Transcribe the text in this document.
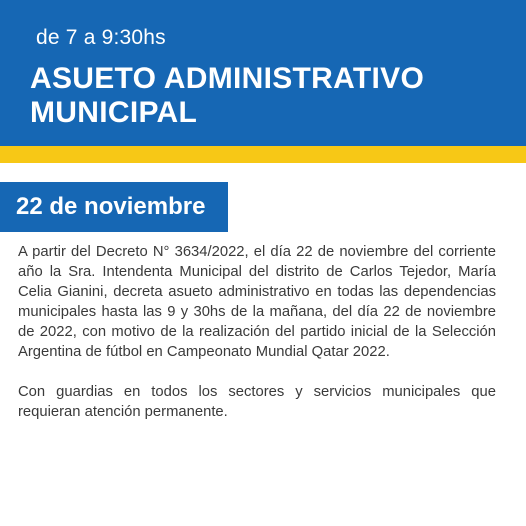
de 7 a 9:30hs
ASUETO ADMINISTRATIVO
MUNICIPAL
22 de noviembre

A partir del Decreto N° 3634/2022, el día 22 de noviembre del corriente año la Sra. Intendenta Municipal del distrito de Carlos Tejedor, María Celia Gianini, decreta asueto administrativo en todas las dependencias municipales hasta las 9 y 30hs de la mañana, del día 22 de noviembre de 2022, con motivo de la realización del partido inicial de la Selección Argentina de fútbol en Campeonato Mundial Qatar 2022.

Con guardias en todos los sectores y servicios municipales que requieran atención permanente.
